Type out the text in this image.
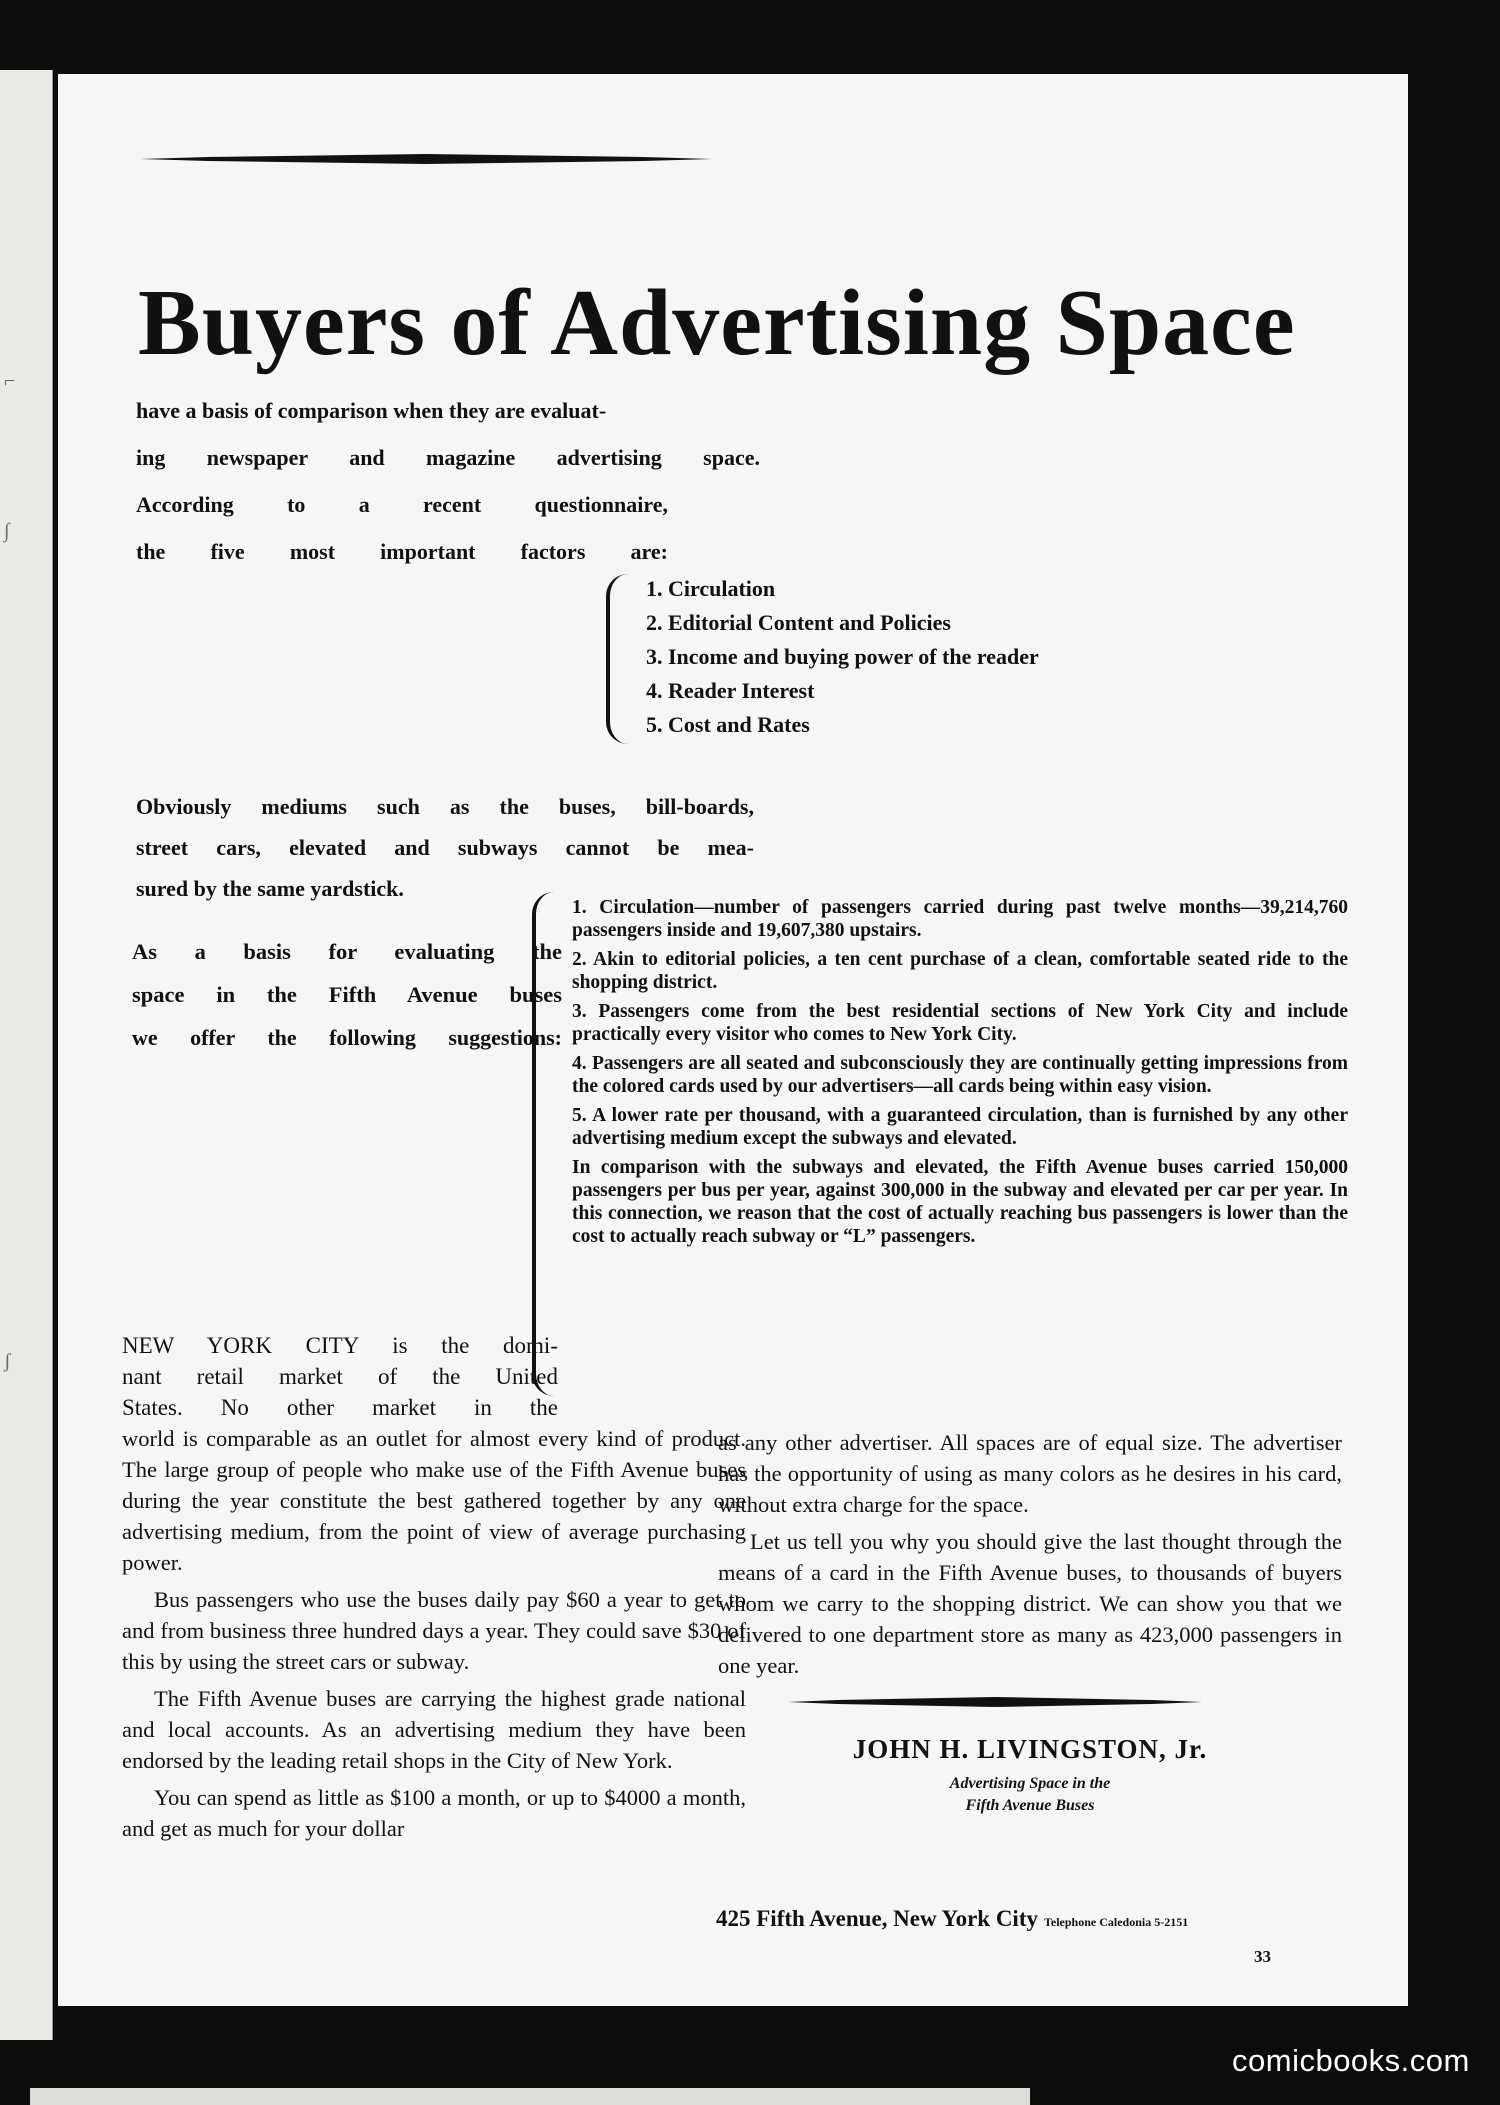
⌐
∫
ʃ
Buyers of Advertising Space

have a basis of comparison when they are evaluat-

ing newspaper and magazine advertising space.

According to a recent questionnaire,

the five most important factors are:

1. Circulation
2. Editorial Content and Policies
3. Income and buying power of the reader
4. Reader Interest
5. Cost and Rates

Obviously mediums such as the buses, bill-boards,

street cars, elevated and subways cannot be mea-

sured by the same yardstick.

As a basis for evaluating the

space in the Fifth Avenue buses

we offer the following suggestions:

1. Circulation—number of passengers carried during past twelve months—39,214,760 passengers inside and 19,607,380 upstairs.
2. Akin to editorial policies, a ten cent purchase of a clean, comfortable seated ride to the shopping district.
3. Passengers come from the best residential sections of New York City and include practically every visitor who comes to New York City.
4. Passengers are all seated and subconsciously they are continually getting impressions from the colored cards used by our advertisers—all cards being within easy vision.
5. A lower rate per thousand, with a guaranteed circulation, than is furnished by any other advertising medium except the subways and elevated.
In comparison with the subways and elevated, the Fifth Avenue buses carried 150,000 passengers per bus per year, against 300,000 in the subway and elevated per car per year. In this connection, we reason that the cost of actually reaching bus passengers is lower than the cost to actually reach subway or “L” passengers.

NEW YORK CITY is the domi-

nant retail market of the United

States. No other market in the

world is comparable as an outlet for almost every kind of product. The large group of people who make use of the Fifth Avenue buses during the year constitute the best gathered together by any one advertising medium, from the point of view of average purchasing power.

Bus passengers who use the buses daily pay $60 a year to get to and from business three hundred days a year. They could save $30 of this by using the street cars or subway.

The Fifth Avenue buses are carrying the highest grade national and local accounts. As an advertising medium they have been endorsed by the leading retail shops in the City of New York.

You can spend as little as $100 a month, or up to $4000 a month, and get as much for your dollar

as any other advertiser. All spaces are of equal size. The advertiser has the opportunity of using as many colors as he desires in his card, without extra charge for the space.

Let us tell you why you should give the last thought through the means of a card in the Fifth Avenue buses, to thousands of buyers whom we carry to the shopping district. We can show you that we delivered to one department store as many as 423,000 passengers in one year.

JOHN H. LIVINGSTON, Jr.
Advertising Space in the
Fifth Avenue Buses
425 Fifth Avenue, New York City Telephone Caledonia 5-2151
33
comicbooks.com
